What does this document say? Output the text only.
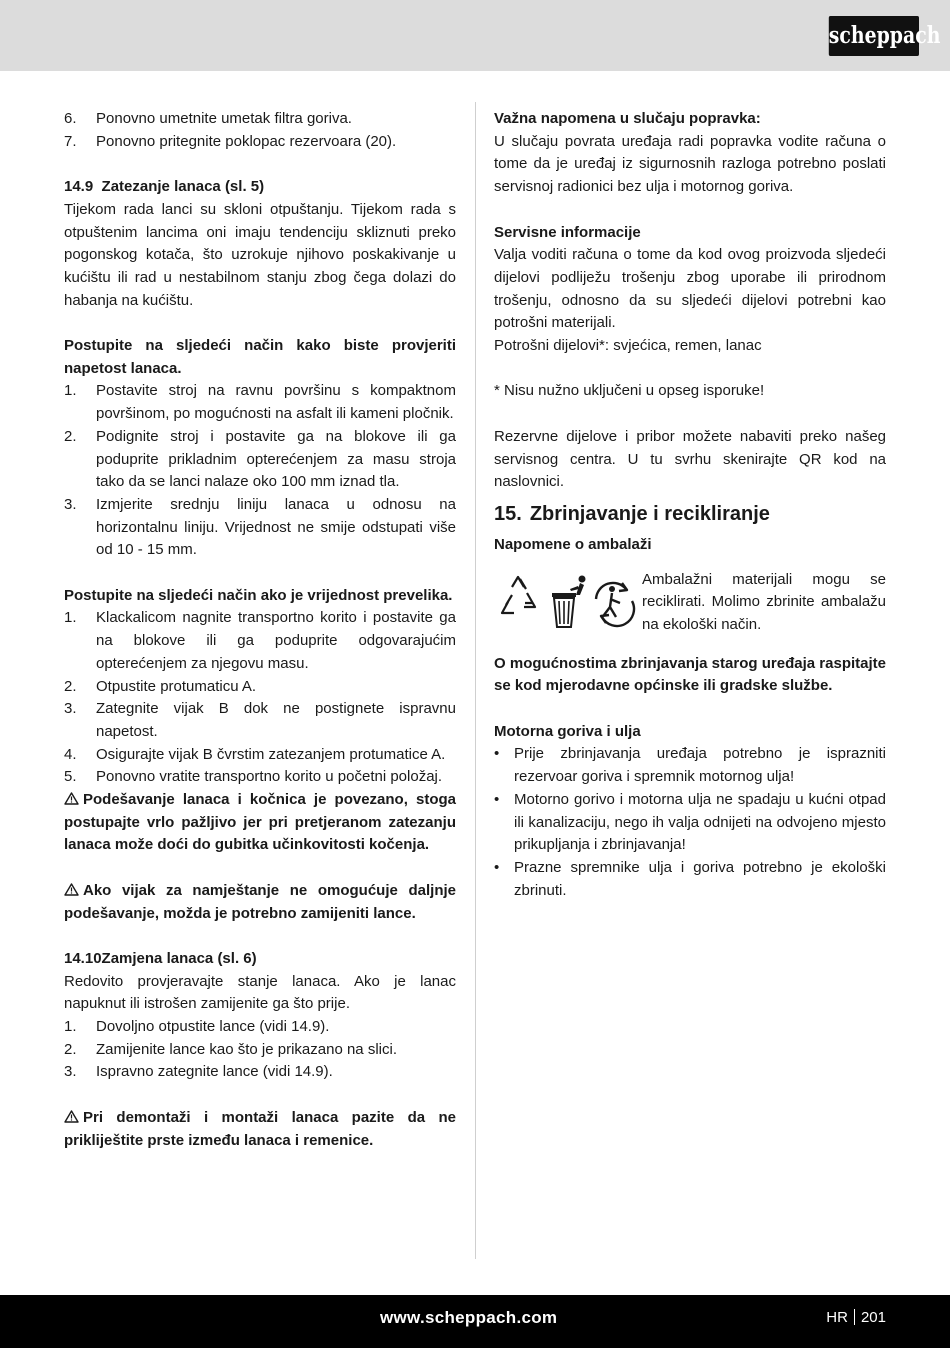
scheppach
6. Ponovno umetnite umetak filtra goriva.
7. Ponovno pritegnite poklopac rezervoara (20).

14.9 Zatezanje lanaca (sl. 5)

Tijekom rada lanci su skloni otpuštanju. Tijekom rada s otpuštenim lancima oni imaju tendenciju skliznuti preko pogonskog kotača, što uzrokuje njihovo poskakivanje u kućištu ili rad u nestabilnom stanju zbog čega dolazi do habanja na kućištu.

Postupite na sljedeći način kako biste provjeriti napetost lanaca.

1. Postavite stroj na ravnu površinu s kompaktnom površinom, po mogućnosti na asfalt ili kameni pločnik.
2. Podignite stroj i postavite ga na blokove ili ga poduprite prikladnim opterećenjem za masu stroja tako da se lanci nalaze oko 100 mm iznad tla.
3. Izmjerite srednju liniju lanaca u odnosu na horizontalnu liniju. Vrijednost ne smije odstupati više od 10 - 15 mm.

Postupite na sljedeći način ako je vrijednost prevelika.

1. Klackalicom nagnite transportno korito i postavite ga na blokove ili ga poduprite odgovarajućim opterećenjem za njegovu masu.
2. Otpustite protumaticu A.
3. Zategnite vijak B dok ne postignete ispravnu napetost.
4. Osigurajte vijak B čvrstim zatezanjem protumatice A.
5. Ponovno vratite transportno korito u početni položaj.

Podešavanje lanaca i kočnica je povezano, stoga postupajte vrlo pažljivo jer pri pretjeranom zatezanju lanaca može doći do gubitka učinkovitosti kočenja.

Ako vijak za namještanje ne omogućuje daljnje podešavanje, možda je potrebno zamijeniti lance.

14.10Zamjena lanaca (sl. 6)

Redovito provjeravajte stanje lanaca. Ako je lanac napuknut ili istrošen zamijenite ga što prije.

1. Dovoljno otpustite lance (vidi 14.9).
2. Zamijenite lance kao što je prikazano na slici.
3. Ispravno zategnite lance (vidi 14.9).

Pri demontaži i montaži lanaca pazite da ne prikliještite prste između lanaca i remenice.

Važna napomena u slučaju popravka:

U slučaju povrata uređaja radi popravka vodite računa o tome da je uređaj iz sigurnosnih razloga potrebno poslati servisnoj radionici bez ulja i motornog goriva.

Servisne informacije

Valja voditi računa o tome da kod ovog proizvoda sljedeći dijelovi podliježu trošenju zbog uporabe ili prirodnom trošenju, odnosno da su sljedeći dijelovi potrebni kao potrošni materijali.

Potrošni dijelovi*: svjećica, remen, lanac

* Nisu nužno uključeni u opseg isporuke!

Rezervne dijelove i pribor možete nabaviti preko našeg servisnog centra. U tu svrhu skenirajte QR kod na naslovnici.

15. Zbrinjavanje i recikliranje

Napomene o ambalaži

Ambalažni materijali mogu se reciklirati. Molimo zbrinite ambalažu na ekološki način.

O mogućnostima zbrinjavanja starog uređaja raspitajte se kod mjerodavne općinske ili gradske službe.

Motorna goriva i ulja

• Prije zbrinjavanja uređaja potrebno je isprazniti rezervoar goriva i spremnik motornog ulja!
• Motorno gorivo i motorna ulja ne spadaju u kućni otpad ili kanalizaciju, nego ih valja odnijeti na odvojeno mjesto prikupljanja i zbrinjavanja!
• Prazne spremnike ulja i goriva potrebno je ekološki zbrinuti.
www.scheppach.com	HR 201
